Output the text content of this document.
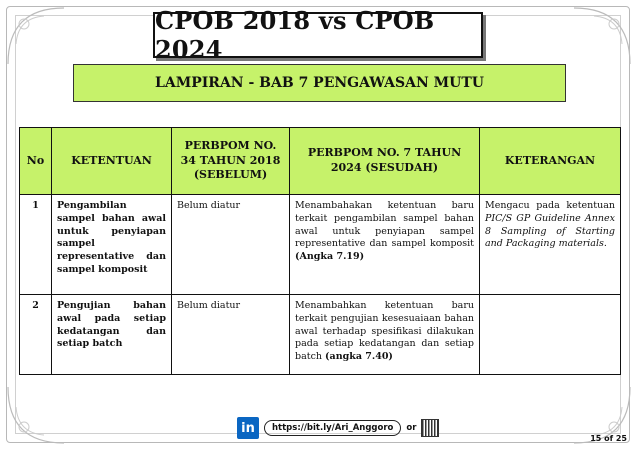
CPOB 2018 vs CPOB 2024
LAMPIRAN - BAB 7 PENGAWASAN MUTU
No	KETENTUAN	PERBPOM NO. 34 TAHUN 2018 (SEBELUM)	PERBPOM NO. 7 TAHUN 2024 (SESUDAH)	KETERANGAN
1	Pengambilan sampel bahan awal untuk penyiapan sampel representative dan sampel komposit	Belum diatur	Menambahakan ketentuan baru terkait pengambilan sampel bahan awal untuk penyiapan sampel representative dan sampel komposit (Angka 7.19)	Mengacu pada ketentuan PIC/S GP Guideline Annex 8 Sampling of Starting and Packaging materials.
2	Pengujian bahan awal pada setiap kedatangan dan setiap batch	Belum diatur	Menambahkan ketentuan baru terkait pengujian kesesuaiaan bahan awal terhadap spesifikasi dilakukan pada setiap kedatangan dan setiap batch (angka 7.40)	
in	https://bit.ly/Ari_Anggoro	or
15 of 25
